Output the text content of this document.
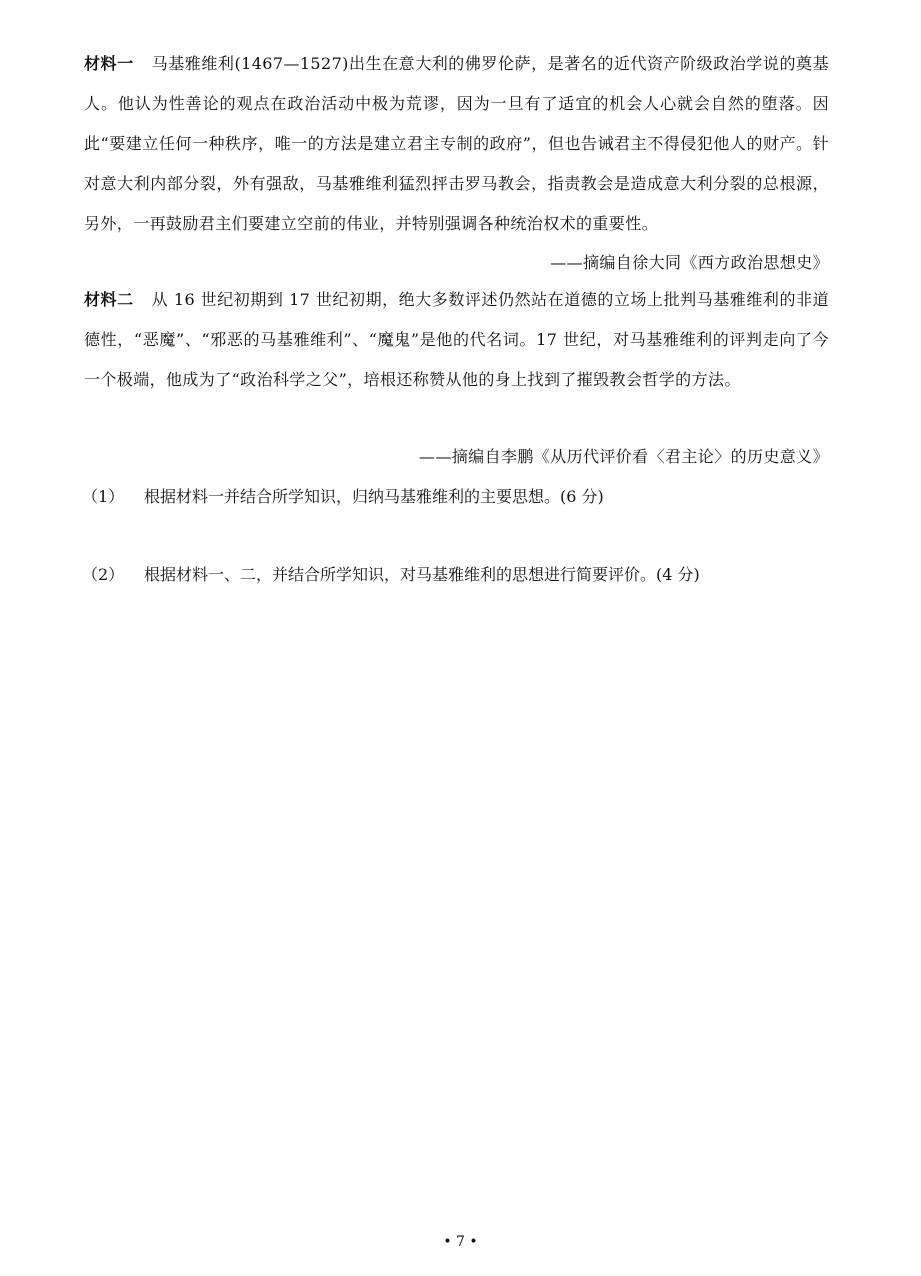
材料一 马基雅维利(1467—1527)出生在意大利的佛罗伦萨，是著名的近代资产阶级政治学说的奠基人。他认为性善论的观点在政治活动中极为荒谬，因为一旦有了适宜的机会人心就会自然的堕落。因此“要建立任何一种秩序，唯一的方法是建立君主专制的政府”，但也告诫君主不得侵犯他人的财产。针对意大利内部分裂，外有强敌，马基雅维利猛烈抨击罗马教会，指责教会是造成意大利分裂的总根源，另外，一再鼓励君主们要建立空前的伟业，并特别强调各种统治权术的重要性。

——摘编自徐大同《西方政治思想史》

材料二 从 16 世纪初期到 17 世纪初期，绝大多数评述仍然站在道德的立场上批判马基雅维利的非道德性，“恶魔”、“邪恶的马基雅维利”、“魔鬼”是他的代名词。17 世纪，对马基雅维利的评判走向了今一个极端，他成为了“政治科学之父”，培根还称赞从他的身上找到了摧毁教会哲学的方法。

——摘编自李鹏《从历代评价看〈君主论〉的历史意义》

（1） 根据材料一并结合所学知识，归纳马基雅维利的主要思想。(6 分)

（2） 根据材料一、二，并结合所学知识，对马基雅维利的思想进行简要评价。(4 分)

• 7 •
